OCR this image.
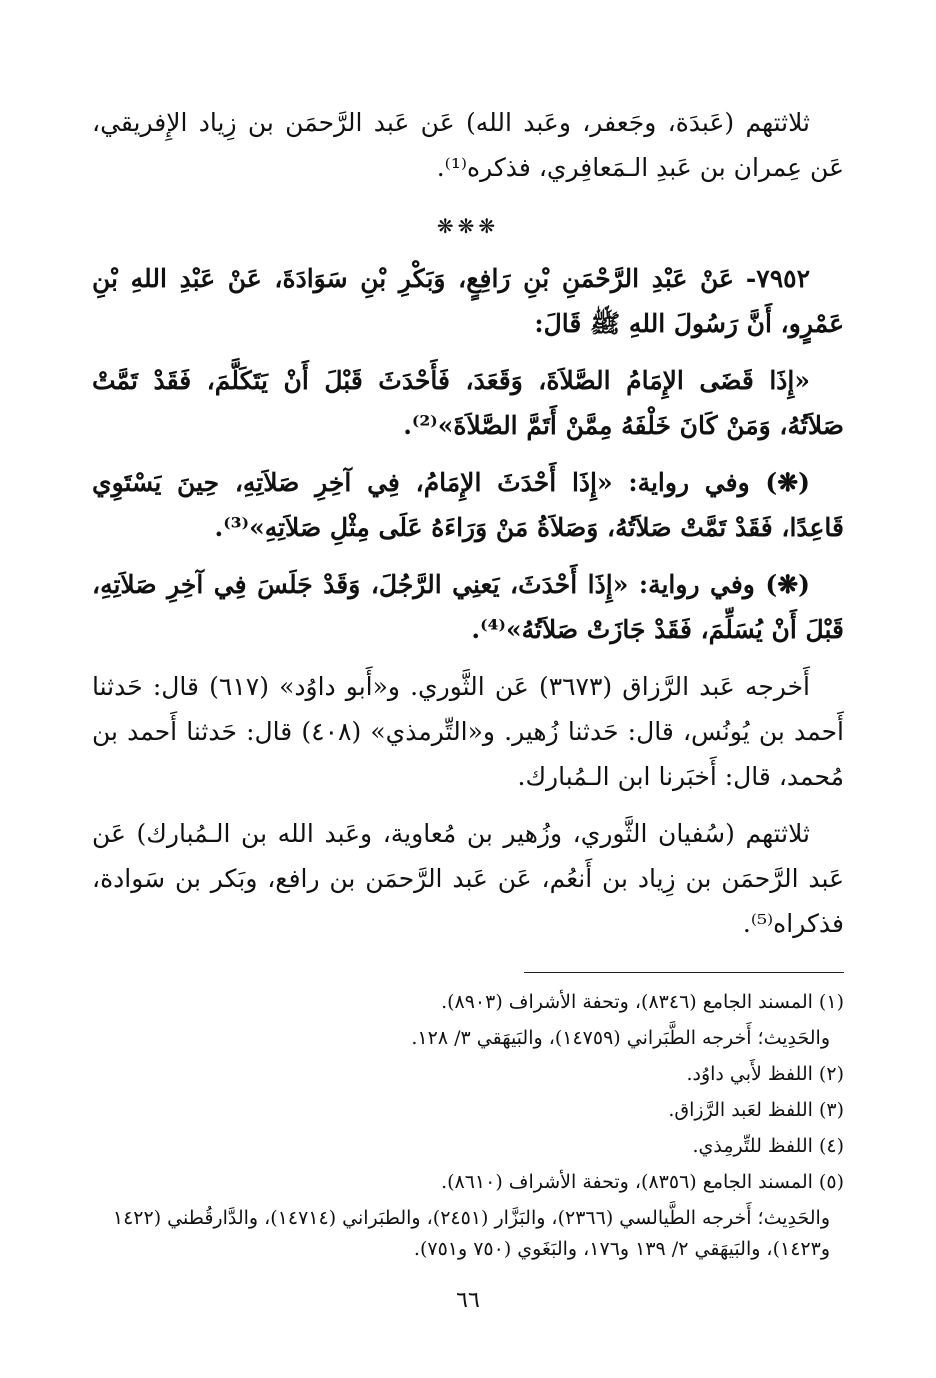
ثلاثتهم (عَبدَة، وجَعفر، وعَبد الله) عَن عَبد الرَّحمَن بن زِياد الإِفريقي، عَن عِمران بن عَبدِ الـمَعافِري، فذكره⁽¹⁾.

❋❋❋

٧٩٥٢- عَنْ عَبْدِ الرَّحْمَنِ بْنِ رَافِعٍ، وَبَكْرِ بْنِ سَوَادَةَ، عَنْ عَبْدِ اللهِ بْنِ عَمْرٍو، أَنَّ رَسُولَ اللهِ ﷺ قَالَ:

«إِذَا قَضَى الإِمَامُ الصَّلاَةَ، وَقَعَدَ، فَأَحْدَثَ قَبْلَ أَنْ يَتَكَلَّمَ، فَقَدْ تَمَّتْ صَلاَتُهُ، وَمَنْ كَانَ خَلْفَهُ مِمَّنْ أَتَمَّ الصَّلاَةَ»⁽²⁾.

(❋) وفي رواية: «إِذَا أَحْدَثَ الإِمَامُ، فِي آخِرِ صَلاَتِهِ، حِينَ يَسْتَوِي قَاعِدًا، فَقَدْ تَمَّتْ صَلاَتُهُ، وَصَلاَةُ مَنْ وَرَاءَهُ عَلَى مِثْلِ صَلاَتِهِ»⁽³⁾.

(❋) وفي رواية: «إِذَا أَحْدَثَ، يَعنِي الرَّجُلَ، وَقَدْ جَلَسَ فِي آخِرِ صَلاَتِهِ، قَبْلَ أَنْ يُسَلِّمَ، فَقَدْ جَازَتْ صَلاَتُهُ»⁽⁴⁾.

أَخرجه عَبد الرَّزاق (٣٦٧٣) عَن الثَّوري. و«أَبو داوُد» (٦١٧) قال: حَدثنا أَحمد بن يُونُس، قال: حَدثنا زُهير. و«التِّرمذي» (٤٠٨) قال: حَدثنا أَحمد بن مُحمد، قال: أَخبَرنا ابن الـمُبارك.

ثلاثتهم (سُفيان الثَّوري، وزُهير بن مُعاوية، وعَبد الله بن الـمُبارك) عَن عَبد الرَّحمَن بن زِياد بن أَنعُم، عَن عَبد الرَّحمَن بن رافع، وبَكر بن سَوادة، فذكراه⁽⁵⁾.

(١) المسند الجامع (٨٣٤٦)، وتحفة الأشراف (٨٩٠٣).

والحَدِيث؛ أَخرجه الطَّبَراني (١٤٧٥٩)، والبَيهَقي ٣/ ١٢٨.

(٢) اللفظ لأَبي داوُد.

(٣) اللفظ لعَبد الرَّزاق.

(٤) اللفظ للتِّرمِذي.

(٥) المسند الجامع (٨٣٥٦)، وتحفة الأشراف (٨٦١٠).

والحَدِيث؛ أَخرجه الطَّيالسي (٢٣٦٦)، والبَزَّار (٢٤٥١)، والطبَراني (١٤٧١٤)، والدَّارقُطني (١٤٢٢ و١٤٢٣)، والبَيهَقي ٢/ ١٣٩ و١٧٦، والبَغَوي (٧٥٠ و٧٥١).

٦٦
